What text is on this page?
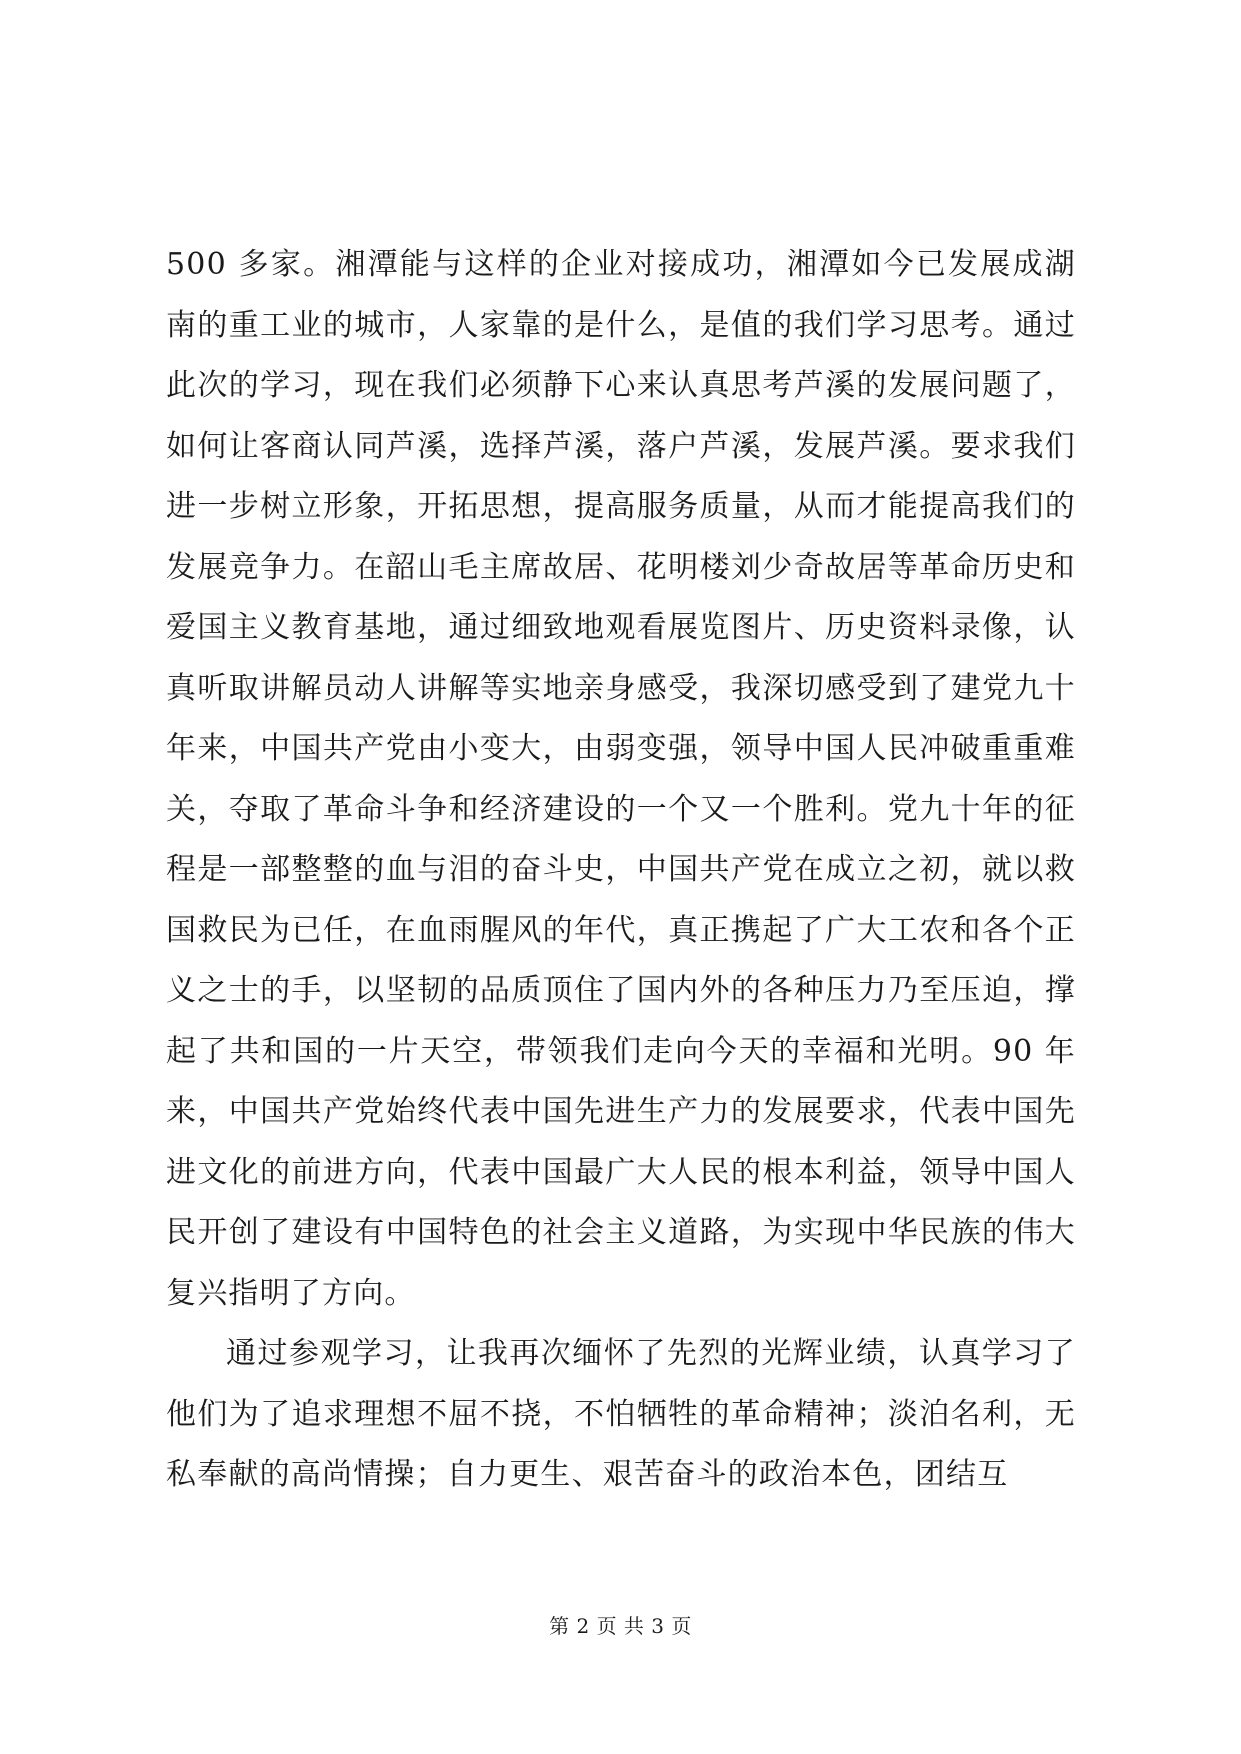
500 多家。湘潭能与这样的企业对接成功，湘潭如今已发展成湖南的重工业的城市，人家靠的是什么，是值的我们学习思考。通过此次的学习，现在我们必须静下心来认真思考芦溪的发展问题了，如何让客商认同芦溪，选择芦溪，落户芦溪，发展芦溪。要求我们进一步树立形象，开拓思想，提高服务质量，从而才能提高我们的发展竞争力。在韶山毛主席故居、花明楼刘少奇故居等革命历史和爱国主义教育基地，通过细致地观看展览图片、历史资料录像，认真听取讲解员动人讲解等实地亲身感受，我深切感受到了建党九十年来，中国共产党由小变大，由弱变强，领导中国人民冲破重重难关，夺取了革命斗争和经济建设的一个又一个胜利。党九十年的征程是一部整整的血与泪的奋斗史，中国共产党在成立之初，就以救国救民为已任，在血雨腥风的年代，真正携起了广大工农和各个正义之士的手，以坚韧的品质顶住了国内外的各种压力乃至压迫，撑起了共和国的一片天空，带领我们走向今天的幸福和光明。90 年来，中国共产党始终代表中国先进生产力的发展要求，代表中国先进文化的前进方向，代表中国最广大人民的根本利益，领导中国人民开创了建设有中国特色的社会主义道路，为实现中华民族的伟大复兴指明了方向。

通过参观学习，让我再次缅怀了先烈的光辉业绩，认真学习了他们为了追求理想不屈不挠，不怕牺牲的革命精神；淡泊名利，无私奉献的高尚情操；自力更生、艰苦奋斗的政治本色，团结互

第 2 页 共 3 页
